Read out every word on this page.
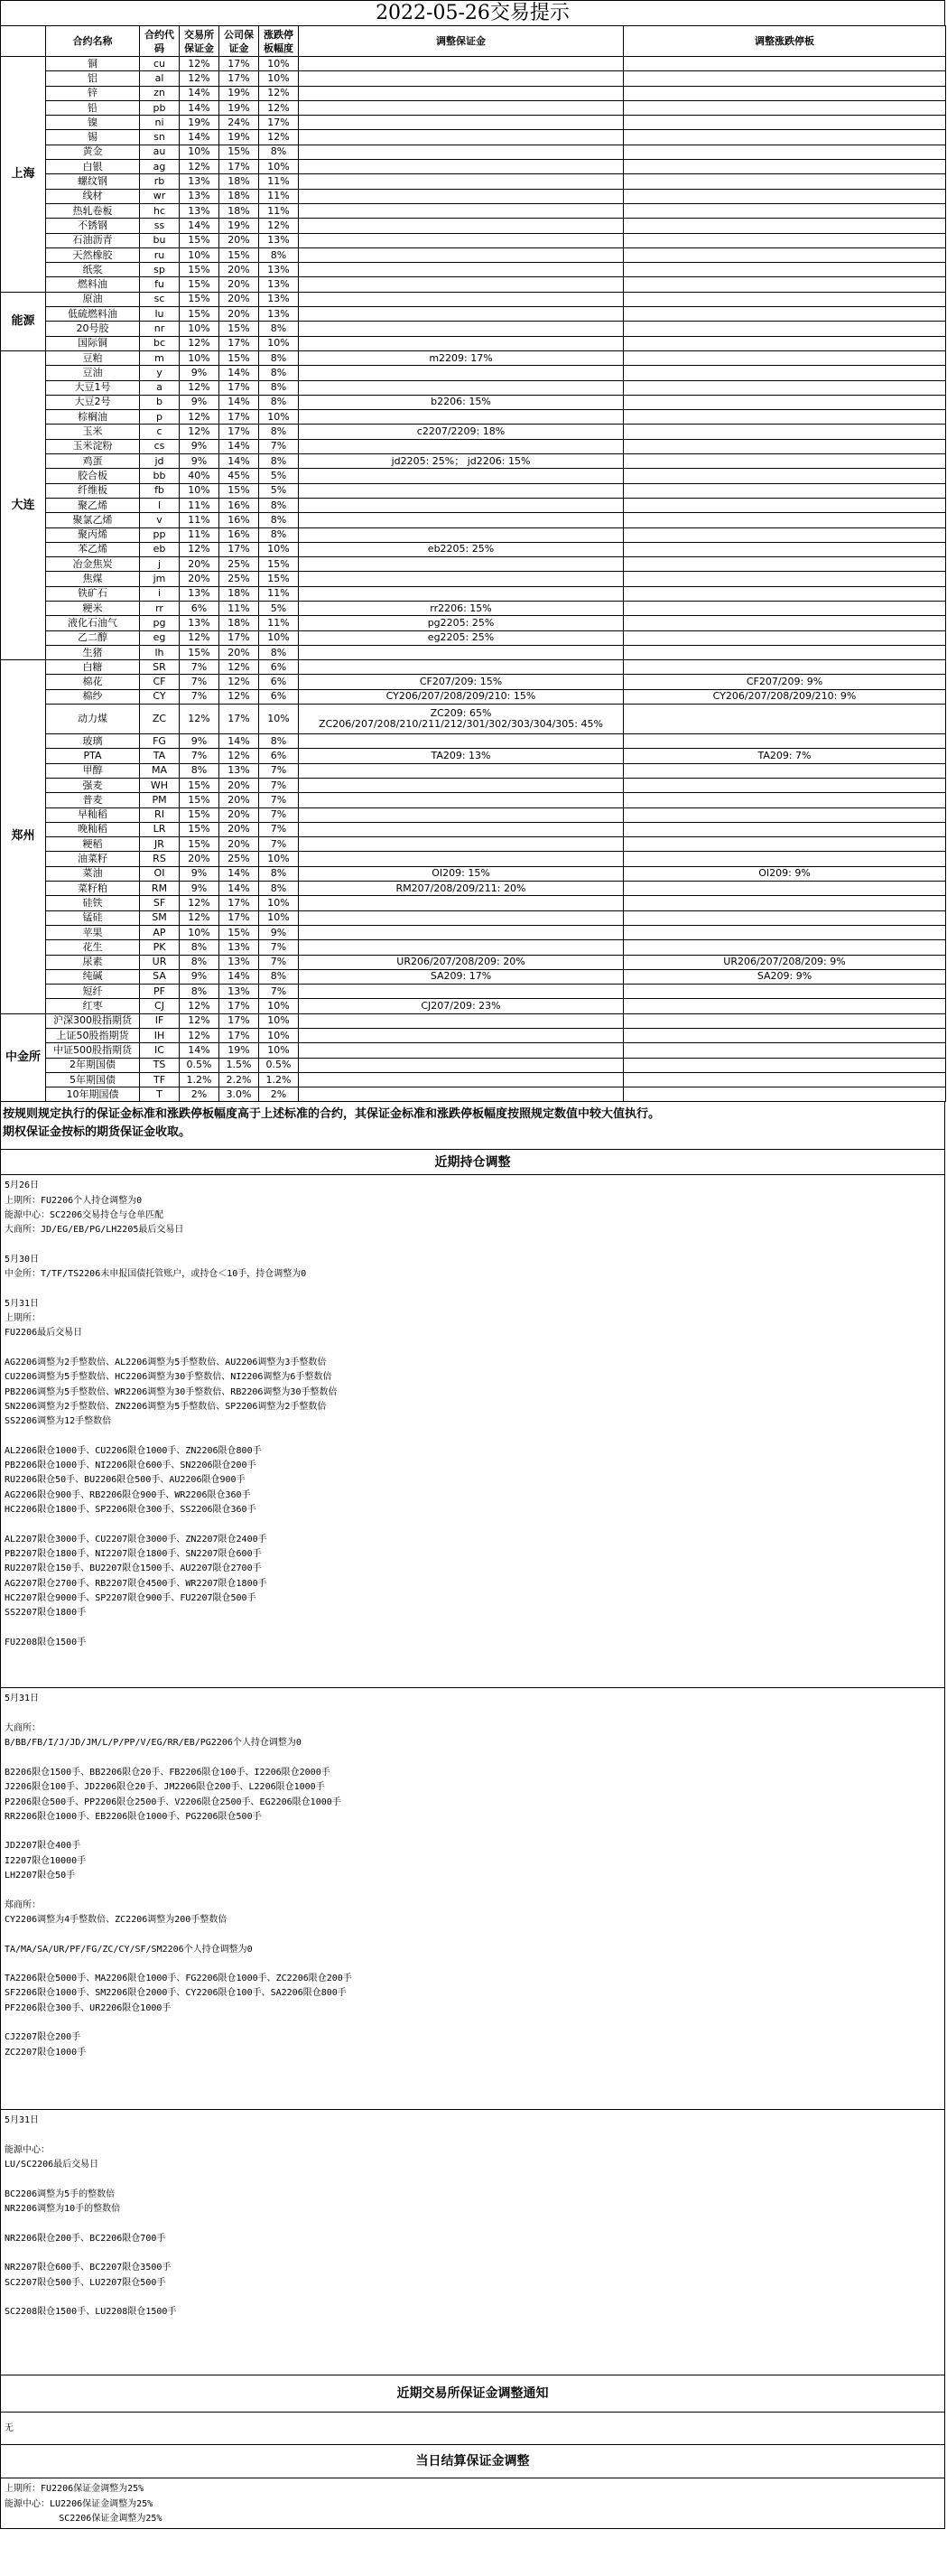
2022-05-26交易提示
	合约名称	合约代码	交易所保证金	公司保证金	涨跌停板幅度	调整保证金	调整涨跌停板
上海	铜	cu	12%	17%	10%		
	铝	al	12%	17%	10%		
	锌	zn	14%	19%	12%		
	铅	pb	14%	19%	12%		
	镍	ni	19%	24%	17%		
	锡	sn	14%	19%	12%		
	黄金	au	10%	15%	8%		
	白银	ag	12%	17%	10%		
	螺纹钢	rb	13%	18%	11%		
	线材	wr	13%	18%	11%		
	热轧卷板	hc	13%	18%	11%		
	不锈钢	ss	14%	19%	12%		
	石油沥青	bu	15%	20%	13%		
	天然橡胶	ru	10%	15%	8%		
	纸浆	sp	15%	20%	13%		
	燃料油	fu	15%	20%	13%		
能源	原油	sc	15%	20%	13%		
	低硫燃料油	lu	15%	20%	13%		
	20号胶	nr	10%	15%	8%		
	国际铜	bc	12%	17%	10%		
大连	豆粕	m	10%	15%	8%	m2209: 17%	
	豆油	y	9%	14%	8%		
	大豆1号	a	12%	17%	8%		
	大豆2号	b	9%	14%	8%	b2206: 15%	
	棕榈油	p	12%	17%	10%		
	玉米	c	12%	17%	8%	c2207/2209: 18%	
	玉米淀粉	cs	9%	14%	7%		
	鸡蛋	jd	9%	14%	8%	jd2205: 25%； jd2206: 15%	
	胶合板	bb	40%	45%	5%		
	纤维板	fb	10%	15%	5%		
	聚乙烯	l	11%	16%	8%		
	聚氯乙烯	v	11%	16%	8%		
	聚丙烯	pp	11%	16%	8%		
	苯乙烯	eb	12%	17%	10%	eb2205: 25%	
	冶金焦炭	j	20%	25%	15%		
	焦煤	jm	20%	25%	15%		
	铁矿石	i	13%	18%	11%		
	粳米	rr	6%	11%	5%	rr2206: 15%	
	液化石油气	pg	13%	18%	11%	pg2205: 25%	
	乙二醇	eg	12%	17%	10%	eg2205: 25%	
	生猪	lh	15%	20%	8%		
郑州	白糖	SR	7%	12%	6%		
	棉花	CF	7%	12%	6%	CF207/209: 15%	CF207/209: 9%
	棉纱	CY	7%	12%	6%	CY206/207/208/209/210: 15%	CY206/207/208/209/210: 9%
	动力煤	ZC	12%	17%	10%	ZC209: 65%
ZC206/207/208/210/211/212/301/302/303/304/305: 45%	
	玻璃	FG	9%	14%	8%		
	PTA	TA	7%	12%	6%	TA209: 13%	TA209: 7%
	甲醇	MA	8%	13%	7%		
	强麦	WH	15%	20%	7%		
	普麦	PM	15%	20%	7%		
	早籼稻	RI	15%	20%	7%		
	晚籼稻	LR	15%	20%	7%		
	粳稻	JR	15%	20%	7%		
	油菜籽	RS	20%	25%	10%		
	菜油	OI	9%	14%	8%	OI209: 15%	OI209: 9%
	菜籽粕	RM	9%	14%	8%	RM207/208/209/211: 20%	
	硅铁	SF	12%	17%	10%		
	锰硅	SM	12%	17%	10%		
	苹果	AP	10%	15%	9%		
	花生	PK	8%	13%	7%		
	尿素	UR	8%	13%	7%	UR206/207/208/209: 20%	UR206/207/208/209: 9%
	纯碱	SA	9%	14%	8%	SA209: 17%	SA209: 9%
	短纤	PF	8%	13%	7%		
	红枣	CJ	12%	17%	10%	CJ207/209: 23%	
中金所	沪深300股指期货	IF	12%	17%	10%		
	上证50股指期货	IH	12%	17%	10%		
	中证500股指期货	IC	14%	19%	10%		
	2年期国债	TS	0.5%	1.5%	0.5%		
	5年期国债	TF	1.2%	2.2%	1.2%		
	10年期国债	T	2%	3.0%	2%		
按规则规定执行的保证金标准和涨跌停板幅度高于上述标准的合约，其保证金标准和涨跌停板幅度按照规定数值中较大值执行。
期权保证金按标的期货保证金收取。
近期持仓调整
5月26日
上期所：FU2206个人持仓调整为0
能源中心：SC2206交易持仓与仓单匹配
大商所：JD/EG/EB/PG/LH2205最后交易日

5月30日
中金所：T/TF/TS2206未申报国债托管账户，或持仓＜10手，持仓调整为0

5月31日
上期所：
FU2206最后交易日

AG2206调整为2手整数倍、AL2206调整为5手整数倍、AU2206调整为3手整数倍
CU2206调整为5手整数倍、HC2206调整为30手整数倍、NI2206调整为6手整数倍
PB2206调整为5手整数倍、WR2206调整为30手整数倍、RB2206调整为30手整数倍
SN2206调整为2手整数倍、ZN2206调整为5手整数倍、SP2206调整为2手整数倍
SS2206调整为12手整数倍

AL2206限仓1000手、CU2206限仓1000手、ZN2206限仓800手
PB2206限仓1000手、NI2206限仓600手、SN2206限仓200手
RU2206限仓50手、BU2206限仓500手、AU2206限仓900手
AG2206限仓900手、RB2206限仓900手、WR2206限仓360手
HC2206限仓1800手、SP2206限仓300手、SS2206限仓360手

AL2207限仓3000手、CU2207限仓3000手、ZN2207限仓2400手
PB2207限仓1800手、NI2207限仓1800手、SN2207限仓600手
RU2207限仓150手、BU2207限仓1500手、AU2207限仓2700手
AG2207限仓2700手、RB2207限仓4500手、WR2207限仓1800手
HC2207限仓9000手、SP2207限仓900手、FU2207限仓500手
SS2207限仓1800手

FU2208限仓1500手
5月31日

大商所：
B/BB/FB/I/J/JD/JM/L/P/PP/V/EG/RR/EB/PG2206个人持仓调整为0

B2206限仓1500手、BB2206限仓20手、FB2206限仓100手、I2206限仓2000手
J2206限仓100手、JD2206限仓20手、JM2206限仓200手、L2206限仓1000手
P2206限仓500手、PP2206限仓2500手、V2206限仓2500手、EG2206限仓1000手
RR2206限仓1000手、EB2206限仓1000手、PG2206限仓500手

JD2207限仓400手
I2207限仓10000手
LH2207限仓50手

郑商所：
CY2206调整为4手整数倍、ZC2206调整为200手整数倍

TA/MA/SA/UR/PF/FG/ZC/CY/SF/SM2206个人持仓调整为0

TA2206限仓5000手、MA2206限仓1000手、FG2206限仓1000手、ZC2206限仓200手
SF2206限仓1000手、SM2206限仓2000手、CY2206限仓100手、SA2206限仓800手
PF2206限仓300手、UR2206限仓1000手

CJ2207限仓200手
ZC2207限仓1000手
5月31日

能源中心：
LU/SC2206最后交易日

BC2206调整为5手的整数倍
NR2206调整为10手的整数倍

NR2206限仓200手、BC2206限仓700手

NR2207限仓600手、BC2207限仓3500手
SC2207限仓500手、LU2207限仓500手

SC2208限仓1500手、LU2208限仓1500手
近期交易所保证金调整通知
无
当日结算保证金调整
上期所：FU2206保证金调整为25%
能源中心：LU2206保证金调整为25%
SC2206保证金调整为25%
